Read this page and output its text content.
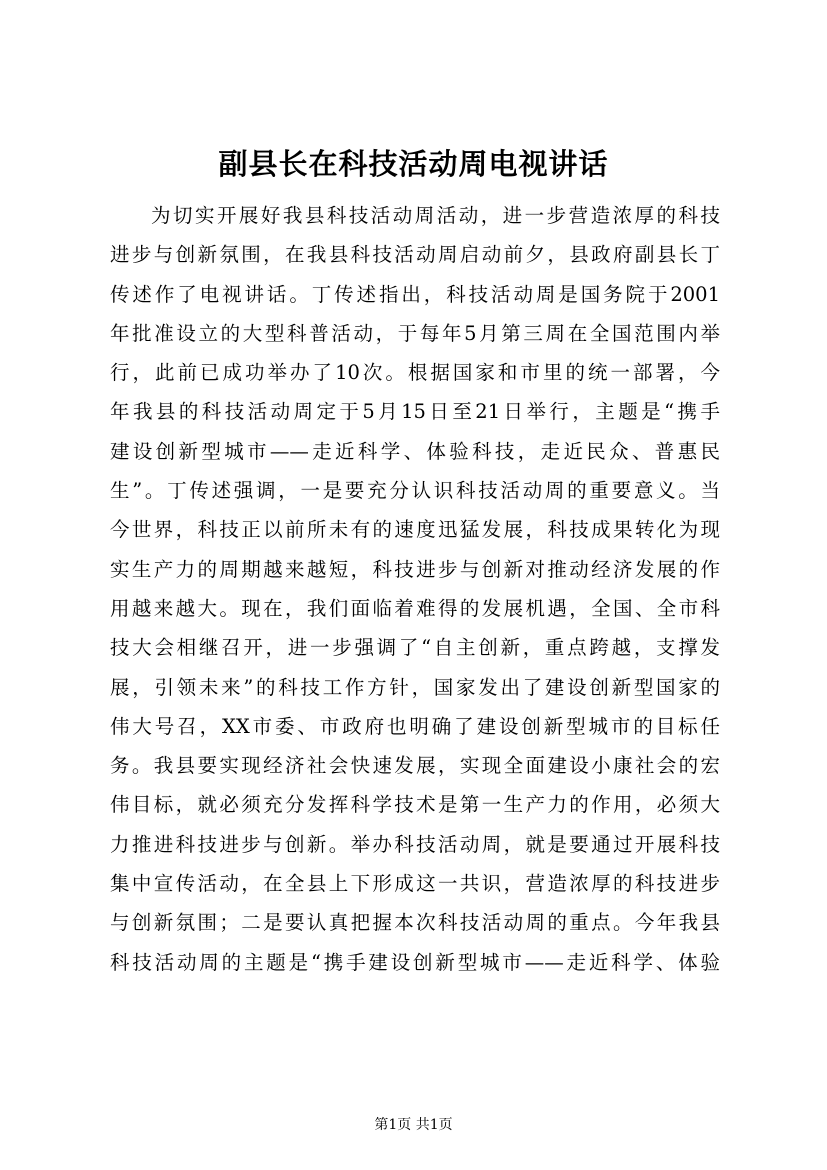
副县长在科技活动周电视讲话
为切实开展好我县科技活动周活动，进一步营造浓厚的科技
进步与创新氛围，在我县科技活动周启动前夕，县政府副县长丁
传述作了电视讲话。丁传述指出，科技活动周是国务院于2001
年批准设立的大型科普活动，于每年5月第三周在全国范围内举
行，此前已成功举办了10次。根据国家和市里的统一部署，今
年我县的科技活动周定于5月15日至21日举行，主题是“携手
建设创新型城市——走近科学、体验科技，走近民众、普惠民
生”。丁传述强调，一是要充分认识科技活动周的重要意义。当
今世界，科技正以前所未有的速度迅猛发展，科技成果转化为现
实生产力的周期越来越短，科技进步与创新对推动经济发展的作
用越来越大。现在，我们面临着难得的发展机遇，全国、全市科
技大会相继召开，进一步强调了“自主创新，重点跨越，支撑发
展，引领未来”的科技工作方针，国家发出了建设创新型国家的
伟大号召，XX市委、市政府也明确了建设创新型城市的目标任
务。我县要实现经济社会快速发展，实现全面建设小康社会的宏
伟目标，就必须充分发挥科学技术是第一生产力的作用，必须大
力推进科技进步与创新。举办科技活动周，就是要通过开展科技
集中宣传活动，在全县上下形成这一共识，营造浓厚的科技进步
与创新氛围；二是要认真把握本次科技活动周的重点。今年我县
科技活动周的主题是“携手建设创新型城市——走近科学、体验
第1页 共1页
